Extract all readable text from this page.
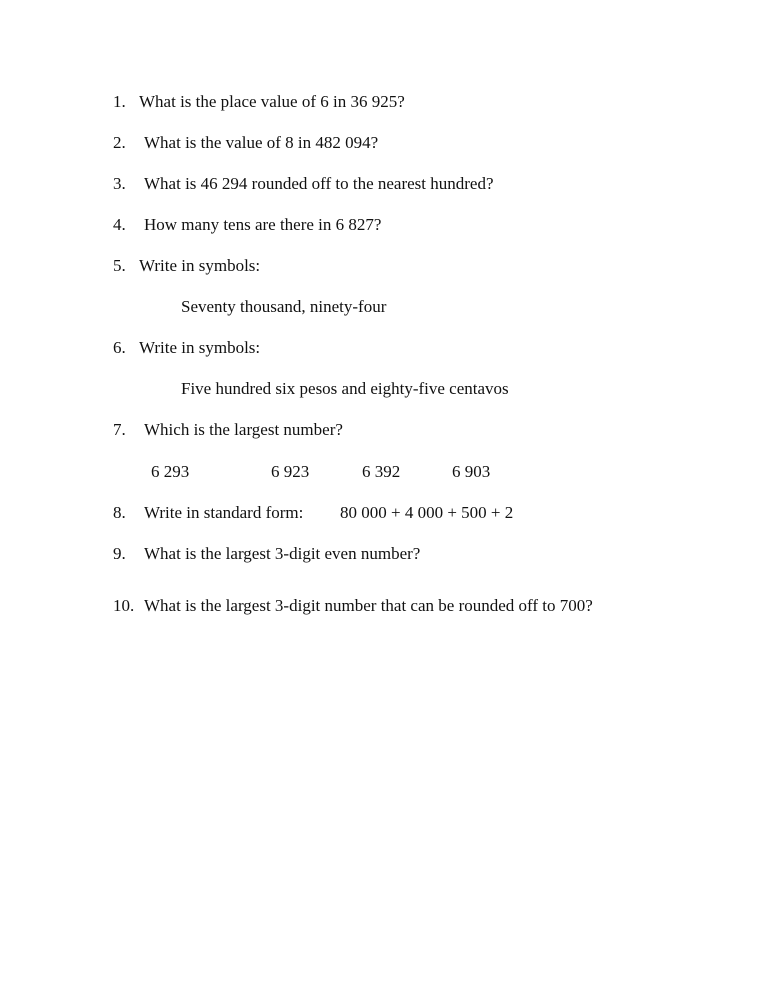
1. What is the place value of 6 in 36 925?
2. What is the value of 8 in 482 094?
3. What is 46 294 rounded off to the nearest hundred?
4. How many tens are there in 6 827?
5. Write in symbols:
Seventy thousand, ninety-four
6. Write in symbols:
Five hundred six pesos and eighty-five centavos
7. Which is the largest number?
6 293	6 923	6 392	6 903
8. Write in standard form: 80 000 + 4 000 + 500 + 2
9. What is the largest 3-digit even number?
10. What is the largest 3-digit number that can be rounded off to 700?
